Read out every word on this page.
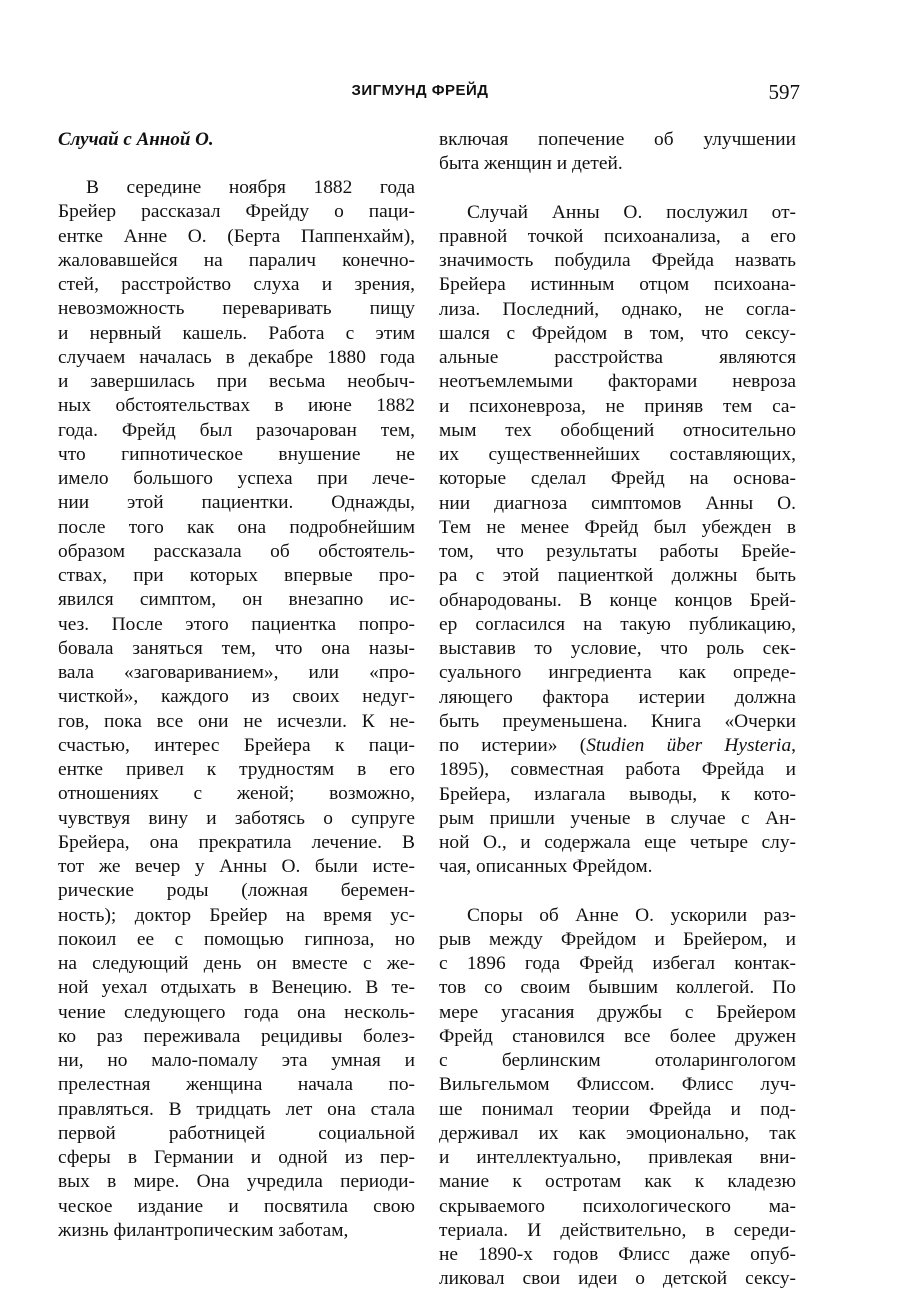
ЗИГМУНД ФРЕЙД	597
Случай с Анной О.
В середине ноября 1882 года
Брейер рассказал Фрейду о паци-
ентке Анне О. (Берта Паппенхайм),
жаловавшейся на паралич конечно-
стей, расстройство слуха и зрения,
невозможность переваривать пищу
и нервный кашель. Работа с этим
случаем началась в декабре 1880 года
и завершилась при весьма необыч-
ных обстоятельствах в июне 1882
года. Фрейд был разочарован тем,
что гипнотическое внушение не
имело большого успеха при лече-
нии этой пациентки. Однажды,
после того как она подробнейшим
образом рассказала об обстоятель-
ствах, при которых впервые про-
явился симптом, он внезапно ис-
чез. После этого пациентка попро-
бовала заняться тем, что она назы-
вала «заговариванием», или «про-
чисткой», каждого из своих недуг-
гов, пока все они не исчезли. К не-
счастью, интерес Брейера к паци-
ентке привел к трудностям в его
отношениях с женой; возможно,
чувствуя вину и заботясь о супруге
Брейера, она прекратила лечение. В
тот же вечер у Анны О. были исте-
рические роды (ложная беремен-
ность); доктор Брейер на время ус-
покоил ее с помощью гипноза, но
на следующий день он вместе с же-
ной уехал отдыхать в Венецию. В те-
чение следующего года она несколь-
ко раз переживала рецидивы болез-
ни, но мало-помалу эта умная и
прелестная женщина начала по-
правляться. В тридцать лет она стала
первой работницей социальной
сферы в Германии и одной из пер-
вых в мире. Она учредила периоди-
ческое издание и посвятила свою
жизнь филантропическим заботам,
включая попечение об улучшении
быта женщин и детей.
Случай Анны О. послужил от-
правной точкой психоанализа, а его
значимость побудила Фрейда назвать
Брейера истинным отцом психоана-
лиза. Последний, однако, не согла-
шался с Фрейдом в том, что сексу-
альные расстройства являются
неотъемлемыми факторами невроза
и психоневроза, не приняв тем са-
мым тех обобщений относительно
их существеннейших составляющих,
которые сделал Фрейд на основа-
нии диагноза симптомов Анны О.
Тем не менее Фрейд был убежден в
том, что результаты работы Брейе-
ра с этой пациенткой должны быть
обнародованы. В конце концов Брей-
ер согласился на такую публикацию,
выставив то условие, что роль сек-
суального ингредиента как опреде-
ляющего фактора истерии должна
быть преуменьшена. Книга «Очерки
по истерии» (Studien über Hysteria,
1895), совместная работа Фрейда и
Брейера, излагала выводы, к кото-
рым пришли ученые в случае с Ан-
ной О., и содержала еще четыре слу-
чая, описанных Фрейдом.
Споры об Анне О. ускорили раз-
рыв между Фрейдом и Брейером, и
с 1896 года Фрейд избегал контак-
тов со своим бывшим коллегой. По
мере угасания дружбы с Брейером
Фрейд становился все более дружен
с берлинским отоларингологом
Вильгельмом Флиссом. Флисс луч-
ше понимал теории Фрейда и под-
держивал их как эмоционально, так
и интеллектуально, привлекая вни-
мание к остротам как к кладезю
скрываемого психологического ма-
териала. И действительно, в середи-
не 1890-х годов Флисс даже опуб-
ликовал свои идеи о детской сексу-
